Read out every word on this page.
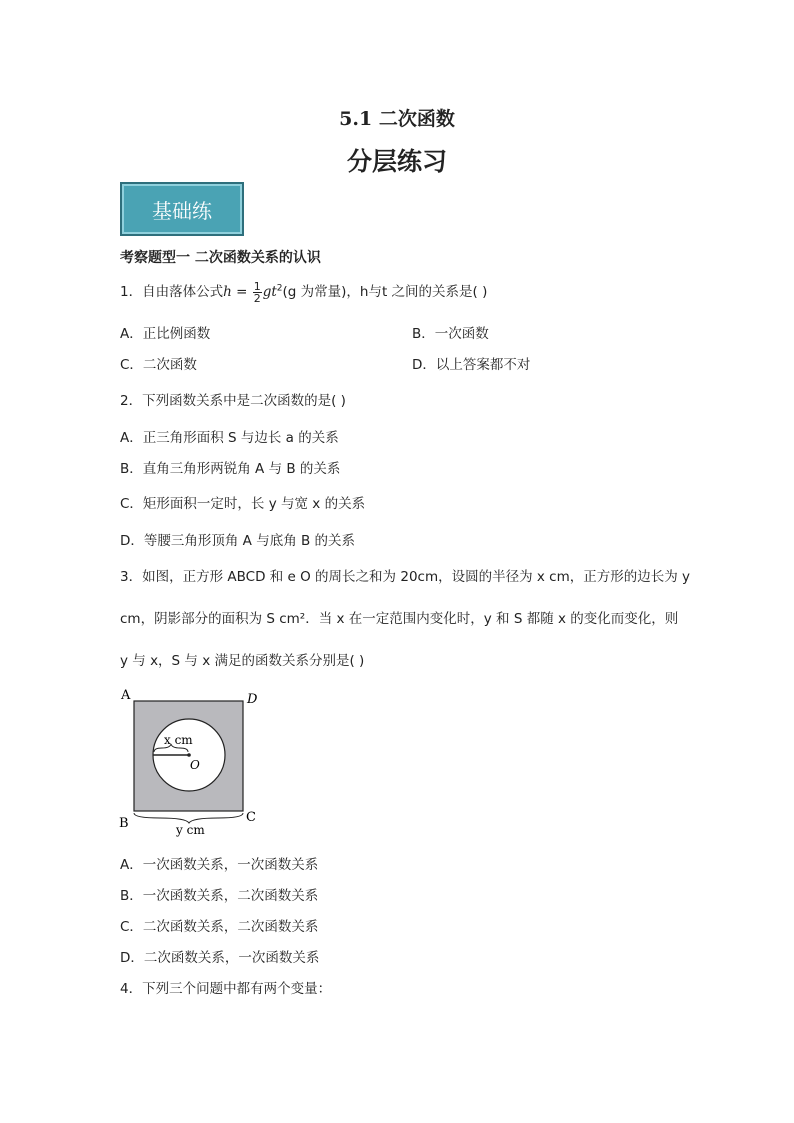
5.1 二次函数
分层练习
基础练
考察题型一 二次函数关系的认识
1．自由落体公式$h = \frac{1}{2} gt^2(g$ 为常量)，h与t 之间的关系是( )
A．正比例函数	B．一次函数
C．二次函数	D．以上答案都不对
2．下列函数关系中是二次函数的是( )
A．正三角形面积 S 与边长 a 的关系
B．直角三角形两锐角 A 与 B 的关系
C．矩形面积一定时，长 y 与宽 x 的关系
D．等腰三角形顶角 A 与底角 B 的关系
3．如图，正方形 ABCD 和 e O 的周长之和为 20cm，设圆的半径为 x cm，正方形的边长为 y
cm，阴影部分的面积为 S cm²．当 x 在一定范围内变化时，y 和 S 都随 x 的变化而变化，则
y 与 x，S 与 x 满足的函数关系分别是( )
A	D
B	C
O
x cm
y cm
A．一次函数关系，一次函数关系
B．一次函数关系，二次函数关系
C．二次函数关系，二次函数关系
D．二次函数关系，一次函数关系
4．下列三个问题中都有两个变量：
